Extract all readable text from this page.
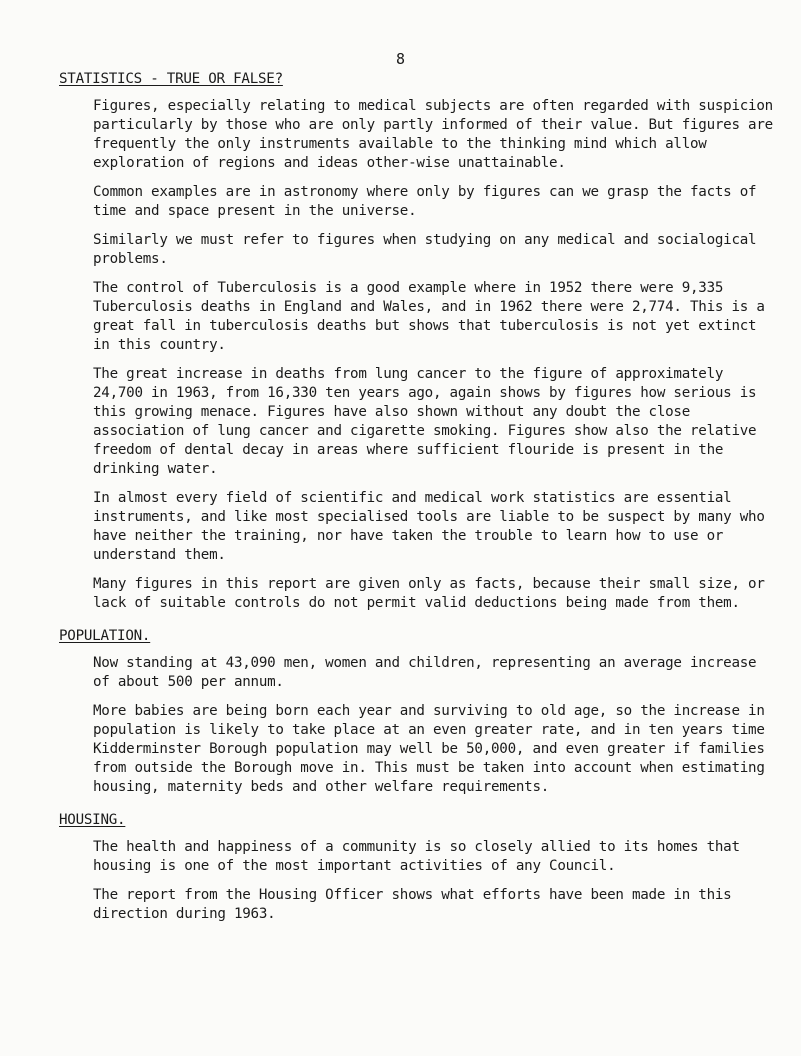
8
STATISTICS - TRUE OR FALSE?

Figures, especially relating to medical subjects are often regarded with suspicion particularly by those who are only partly informed of their value. But figures are frequently the only instruments available to the thinking mind which allow exploration of regions and ideas other-wise unattainable.

Common examples are in astronomy where only by figures can we grasp the facts of time and space present in the universe.

Similarly we must refer to figures when studying on any medical and socialogical problems.

The control of Tuberculosis is a good example where in 1952 there were 9,335 Tuberculosis deaths in England and Wales, and in 1962 there were 2,774. This is a great fall in tuberculosis deaths but shows that tuberculosis is not yet extinct in this country.

The great increase in deaths from lung cancer to the figure of approximately 24,700 in 1963, from 16,330 ten years ago, again shows by figures how serious is this growing menace. Figures have also shown without any doubt the close association of lung cancer and cigarette smoking. Figures show also the relative freedom of dental decay in areas where sufficient flouride is present in the drinking water.

In almost every field of scientific and medical work statistics are essential instruments, and like most specialised tools are liable to be suspect by many who have neither the training, nor have taken the trouble to learn how to use or understand them.

Many figures in this report are given only as facts, because their small size, or lack of suitable controls do not permit valid deductions being made from them.

POPULATION.

Now standing at 43,090 men, women and children, representing an average increase of about 500 per annum.

More babies are being born each year and surviving to old age, so the increase in population is likely to take place at an even greater rate, and in ten years time Kidderminster Borough population may well be 50,000, and even greater if families from outside the Borough move in. This must be taken into account when estimating housing, maternity beds and other welfare requirements.

HOUSING.

The health and happiness of a community is so closely allied to its homes that housing is one of the most important activities of any Council.

The report from the Housing Officer shows what efforts have been made in this direction during 1963.
